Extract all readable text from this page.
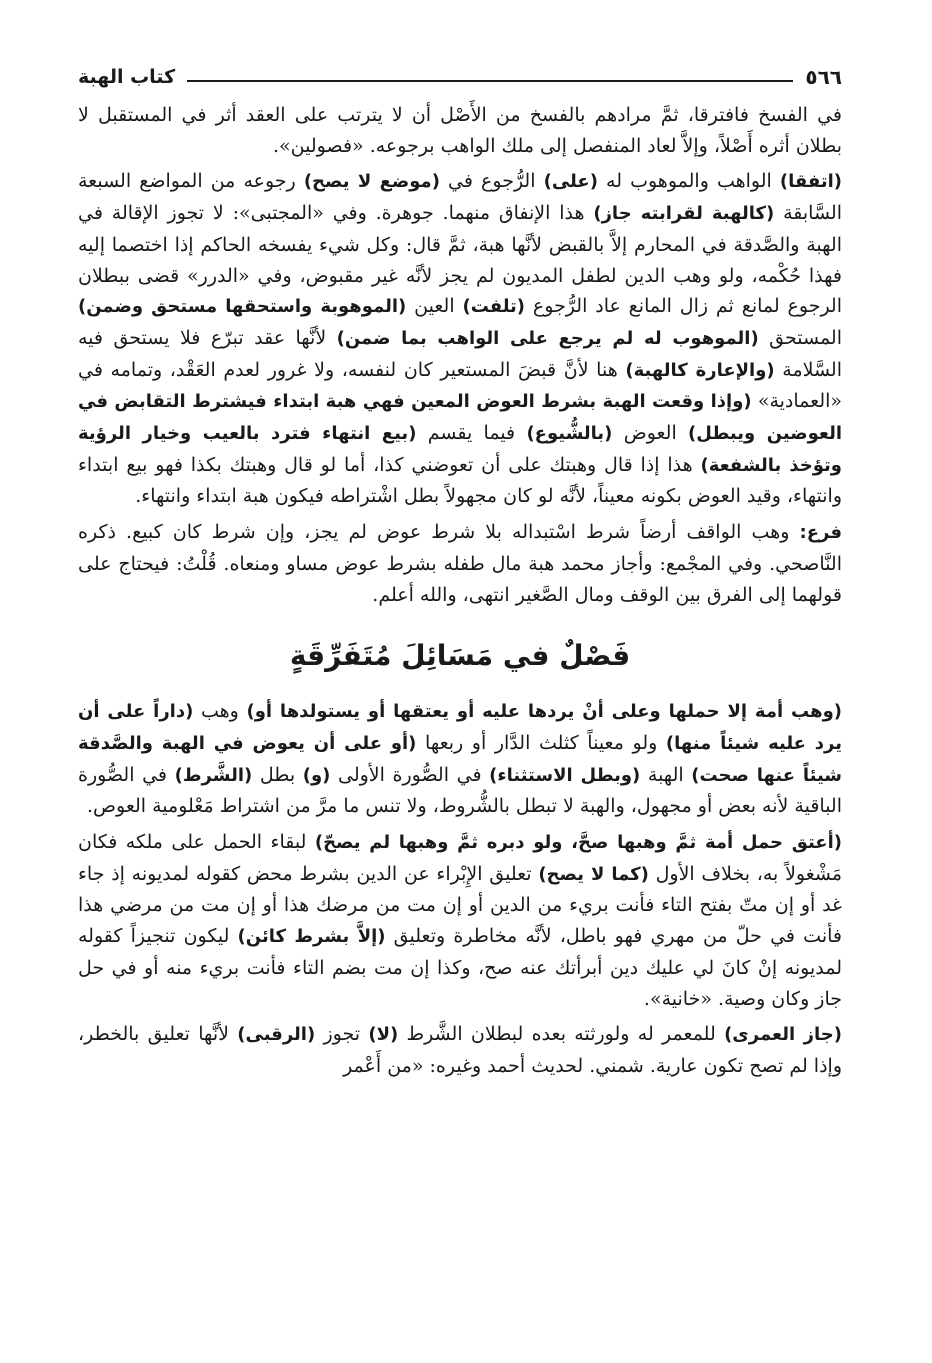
٥٦٦
كتاب الهبة

في الفسخ فافترقا، ثمَّ مرادهم بالفسخ من الأَصْل أن لا يترتب على العقد أثر في المستقبل لا بطلان أثره أَصْلاً، وإلاَّ لعاد المنفصل إلى ملك الواهب برجوعه. «فصولين».

(اتفقا) الواهب والموهوب له (على) الرُّجوع في (موضع لا يصح) رجوعه من المواضع السبعة السَّابقة (كالهبة لقرابته جاز) هذا الإنفاق منهما. جوهرة. وفي «المجتبى»: لا تجوز الإقالة في الهبة والصَّدقة في المحارم إلاَّ بالقبض لأنَّها هبة، ثمَّ قال: وكل شيء يفسخه الحاكم إذا اختصما إليه فهذا حُكْمه، ولو وهب الدين لطفل المديون لم يجز لأنَّه غير مقبوض، وفي «الدرر» قضى ببطلان الرجوع لمانع ثم زال المانع عاد الرُّجوع (تلفت) العين (الموهوبة واستحقها مستحق وضمن) المستحق (الموهوب له لم يرجع على الواهب بما ضمن) لأنَّها عقد تبرّع فلا يستحق فيه السَّلامة (والإعارة كالهبة) هنا لأنَّ قبضَ المستعير كان لنفسه، ولا غرور لعدم العَقْد، وتمامه في «العمادية» (وإذا وقعت الهبة بشرط العوض المعين فهي هبة ابتداء فيشترط التقابض في العوضين ويبطل) العوض (بالشُّيوع) فيما يقسم (بيع انتهاء فترد بالعيب وخيار الرؤية وتؤخذ بالشفعة) هذا إذا قال وهبتك على أن تعوضني كذا، أما لو قال وهبتك بكذا فهو بيع ابتداء وانتهاء، وقيد العوض بكونه معيناً، لأنَّه لو كان مجهولاً بطل اشْتراطه فيكون هبة ابتداء وانتهاء.

فرع: وهب الواقف أرضاً شرط اسْتبداله بلا شرط عوض لم يجز، وإن شرط كان كبيع. ذكره النَّاصحي. وفي المجْمع: وأجاز محمد هبة مال طفله بشرط عوض مساو ومنعاه. قُلْتُ: فيحتاج على قولهما إلى الفرق بين الوقف ومال الصَّغير انتهى، والله أعلم.

فَصْلٌ في مَسَائِلَ مُتَفَرِّقَةٍ

(وهب أمة إلا حملها وعلى أنْ يردها عليه أو يعتقها أو يستولدها أو) وهب (داراً على أن يرد عليه شيئاً منها) ولو معيناً كثلث الدَّار أو ربعها (أو على أن يعوض في الهبة والصَّدقة شيئاً عنها صحت) الهبة (وبطل الاستثناء) في الصُّورة الأولى (و) بطل (الشَّرط) في الصُّورة الباقية لأنه بعض أو مجهول، والهبة لا تبطل بالشُّروط، ولا تنس ما مرَّ من اشتراط مَعْلومية العوص.

(أعتق حمل أمة ثمَّ وهبها صحَّ، ولو دبره ثمَّ وهبها لم يصحّ) لبقاء الحمل على ملكه فكان مَشْغولاً به، بخلاف الأول (كما لا يصح) تعليق الإِبْراء عن الدين بشرط محض كقوله لمديونه إذ جاء غد أو إن متّ بفتح التاء فأنت بريء من الدين أو إن مت من مرضك هذا أو إن مت من مرضي هذا فأنت في حلّ من مهري فهو باطل، لأنَّه مخاطرة وتعليق (إلاَّ بشرط كائن) ليكون تنجيزاً كقوله لمديونه إنْ كانَ لي عليك دين أبرأتك عنه صح، وكذا إن مت بضم التاء فأنت بريء منه أو في حل جاز وكان وصية. «خانية».

(جاز العمرى) للمعمر له ولورثته بعده لبطلان الشَّرط (لا) تجوز (الرقبى) لأنَّها تعليق بالخطر، وإذا لم تصح تكون عارية. شمني. لحديث أحمد وغيره: «من أَعْمر
